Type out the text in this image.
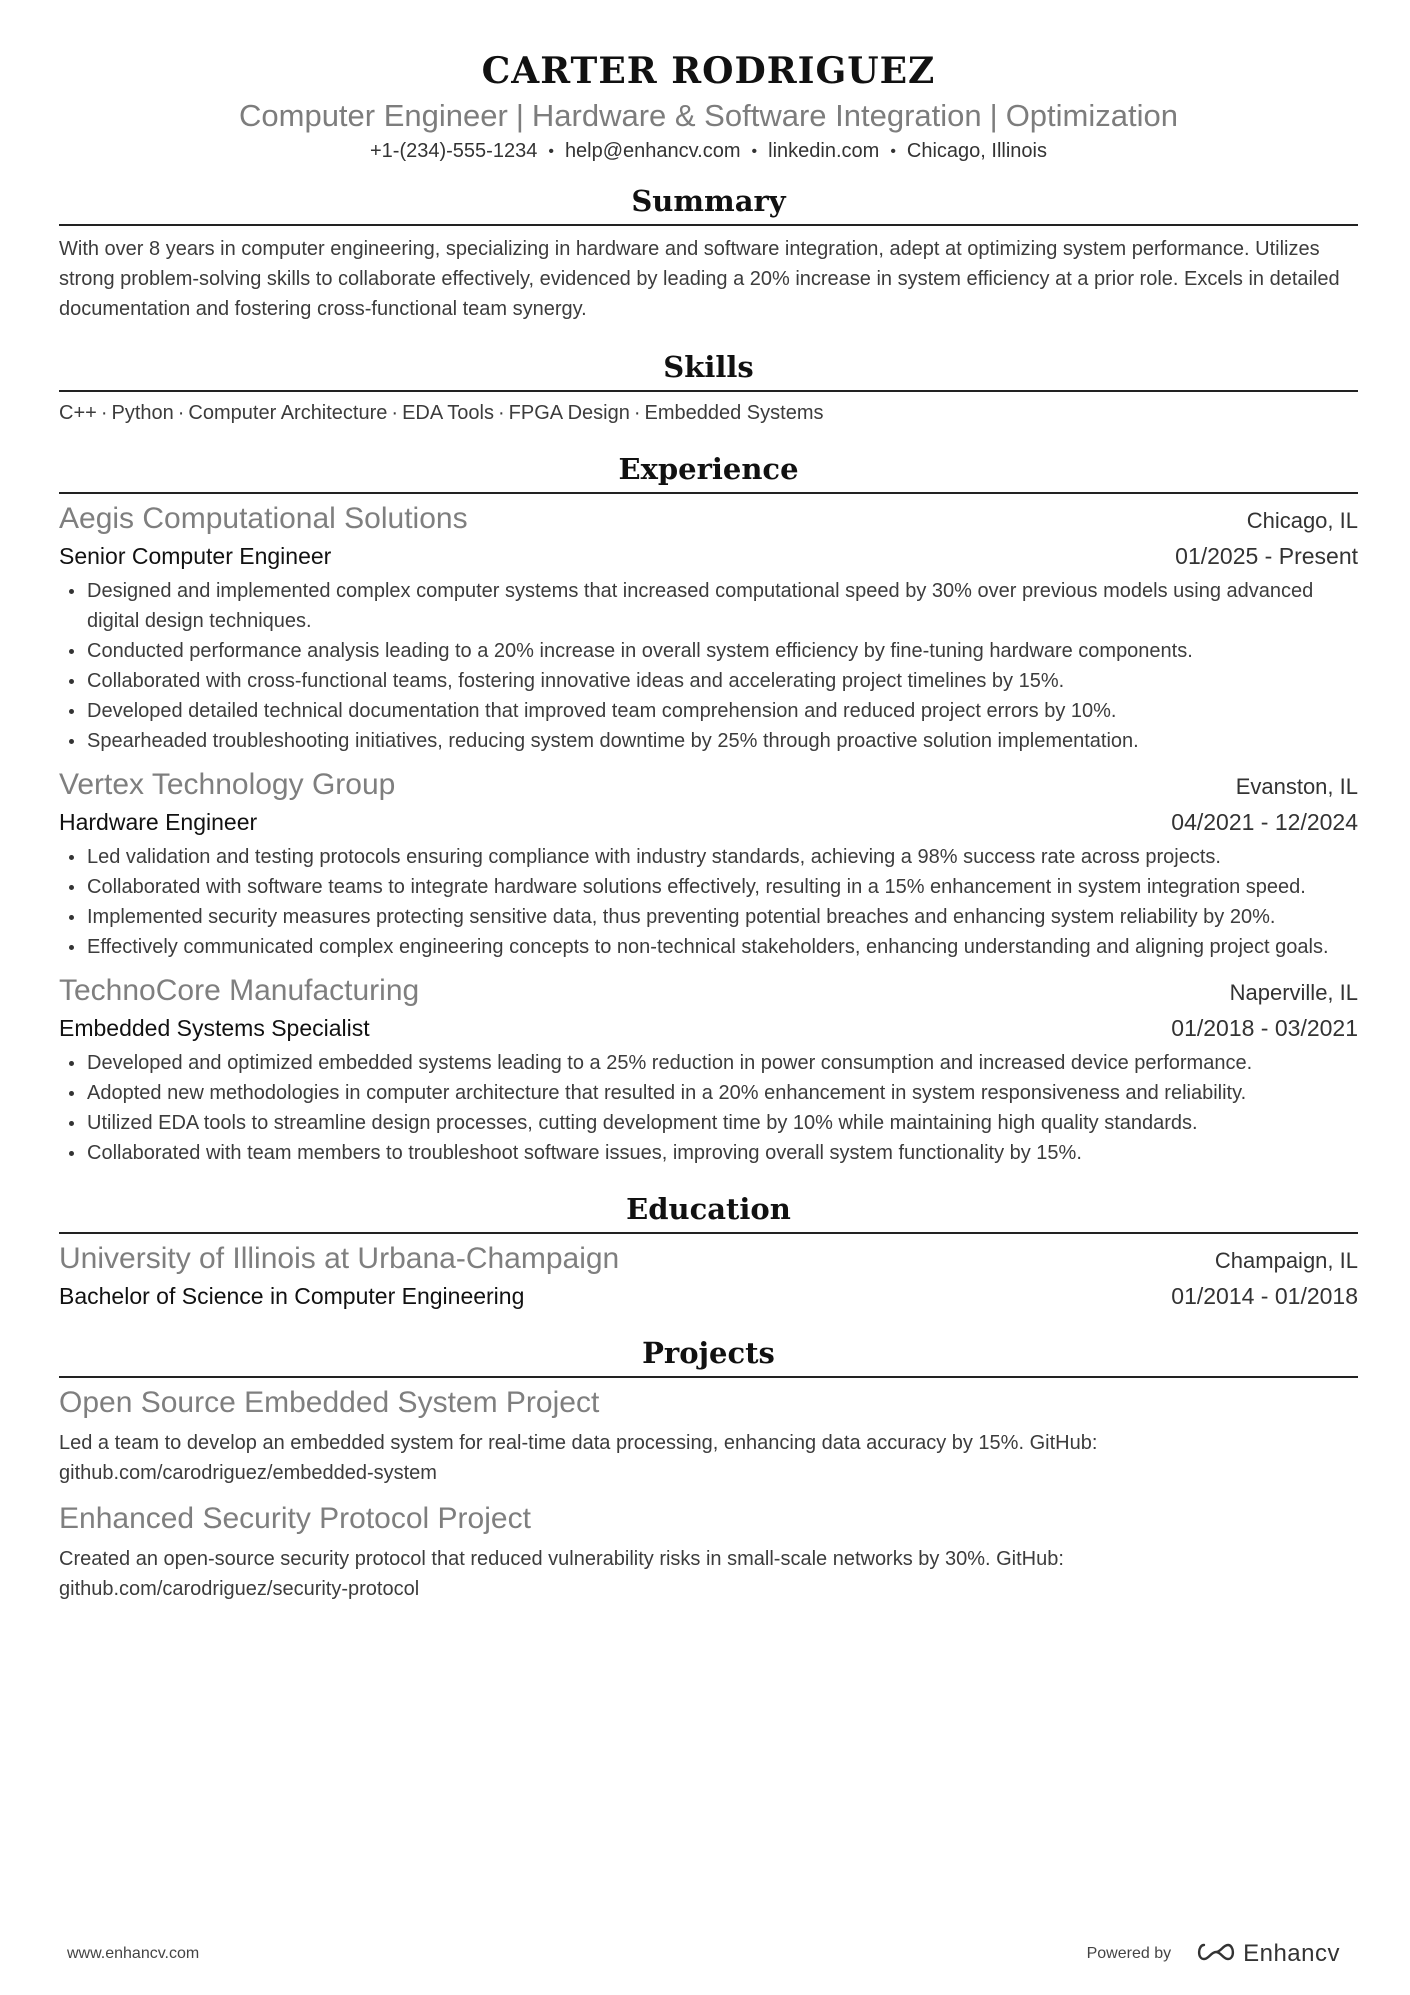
CARTER RODRIGUEZ
Computer Engineer | Hardware & Software Integration | Optimization
+1-(234)-555-1234 • help@enhancv.com • linkedin.com • Chicago, Illinois
Summary

With over 8 years in computer engineering, specializing in hardware and software integration, adept at optimizing system performance. Utilizes strong problem-solving skills to collaborate effectively, evidenced by leading a 20% increase in system efficiency at a prior role. Excels in detailed documentation and fostering cross-functional team synergy.

Skills
C++ · Python · Computer Architecture · EDA Tools · FPGA Design · Embedded Systems
Experience
Aegis Computational Solutions	Chicago, IL
Senior Computer Engineer	01/2025 - Present
Designed and implemented complex computer systems that increased computational speed by 30% over previous models using advanced digital design techniques.
Conducted performance analysis leading to a 20% increase in overall system efficiency by fine-tuning hardware components.
Collaborated with cross-functional teams, fostering innovative ideas and accelerating project timelines by 15%.
Developed detailed technical documentation that improved team comprehension and reduced project errors by 10%.
Spearheaded troubleshooting initiatives, reducing system downtime by 25% through proactive solution implementation.
Vertex Technology Group	Evanston, IL
Hardware Engineer	04/2021 - 12/2024
Led validation and testing protocols ensuring compliance with industry standards, achieving a 98% success rate across projects.
Collaborated with software teams to integrate hardware solutions effectively, resulting in a 15% enhancement in system integration speed.
Implemented security measures protecting sensitive data, thus preventing potential breaches and enhancing system reliability by 20%.
Effectively communicated complex engineering concepts to non-technical stakeholders, enhancing understanding and aligning project goals.
TechnoCore Manufacturing	Naperville, IL
Embedded Systems Specialist	01/2018 - 03/2021
Developed and optimized embedded systems leading to a 25% reduction in power consumption and increased device performance.
Adopted new methodologies in computer architecture that resulted in a 20% enhancement in system responsiveness and reliability.
Utilized EDA tools to streamline design processes, cutting development time by 10% while maintaining high quality standards.
Collaborated with team members to troubleshoot software issues, improving overall system functionality by 15%.
Education
University of Illinois at Urbana-Champaign	Champaign, IL
Bachelor of Science in Computer Engineering	01/2014 - 01/2018
Projects
Open Source Embedded System Project
Led a team to develop an embedded system for real-time data processing, enhancing data accuracy by 15%. GitHub: github.com/carodriguez/embedded-system
Enhanced Security Protocol Project
Created an open-source security protocol that reduced vulnerability risks in small-scale networks by 30%. GitHub: github.com/carodriguez/security-protocol
www.enhancv.com	Powered by	Enhancv
